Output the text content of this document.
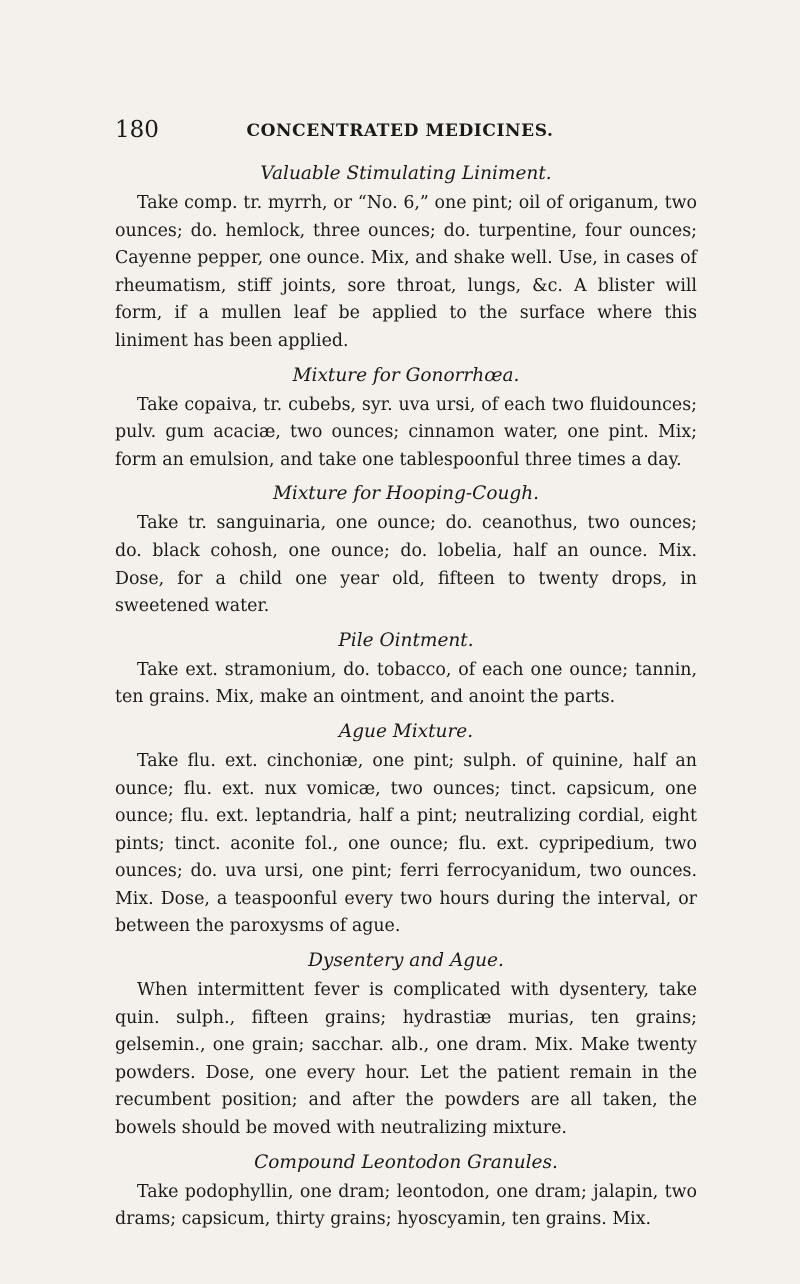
180	CONCENTRATED MEDICINES.
Valuable Stimulating Liniment.

Take comp. tr. myrrh, or “No. 6,” one pint; oil of origanum, two ounces; do. hemlock, three ounces; do. turpentine, four ounces; Cayenne pepper, one ounce. Mix, and shake well. Use, in cases of rheumatism, stiff joints, sore throat, lungs, &c. A blister will form, if a mullen leaf be applied to the surface where this liniment has been applied.

Mixture for Gonorrhœa.

Take copaiva, tr. cubebs, syr. uva ursi, of each two fluidounces; pulv. gum acaciæ, two ounces; cinnamon water, one pint. Mix; form an emulsion, and take one tablespoonful three times a day.

Mixture for Hooping-Cough.

Take tr. sanguinaria, one ounce; do. ceanothus, two ounces; do. black cohosh, one ounce; do. lobelia, half an ounce. Mix. Dose, for a child one year old, fifteen to twenty drops, in sweetened water.

Pile Ointment.

Take ext. stramonium, do. tobacco, of each one ounce; tannin, ten grains. Mix, make an ointment, and anoint the parts.

Ague Mixture.

Take flu. ext. cinchoniæ, one pint; sulph. of quinine, half an ounce; flu. ext. nux vomicæ, two ounces; tinct. capsicum, one ounce; flu. ext. leptandria, half a pint; neutralizing cordial, eight pints; tinct. aconite fol., one ounce; flu. ext. cypripedium, two ounces; do. uva ursi, one pint; ferri ferrocyanidum, two ounces. Mix. Dose, a teaspoonful every two hours during the interval, or between the paroxysms of ague.

Dysentery and Ague.

When intermittent fever is complicated with dysentery, take quin. sulph., fifteen grains; hydrastiæ murias, ten grains; gelsemin., one grain; sacchar. alb., one dram. Mix. Make twenty powders. Dose, one every hour. Let the patient remain in the recumbent position; and after the powders are all taken, the bowels should be moved with neutralizing mixture.

Compound Leontodon Granules.

Take podophyllin, one dram; leontodon, one dram; jalapin, two drams; capsicum, thirty grains; hyoscyamin, ten grains. Mix.
